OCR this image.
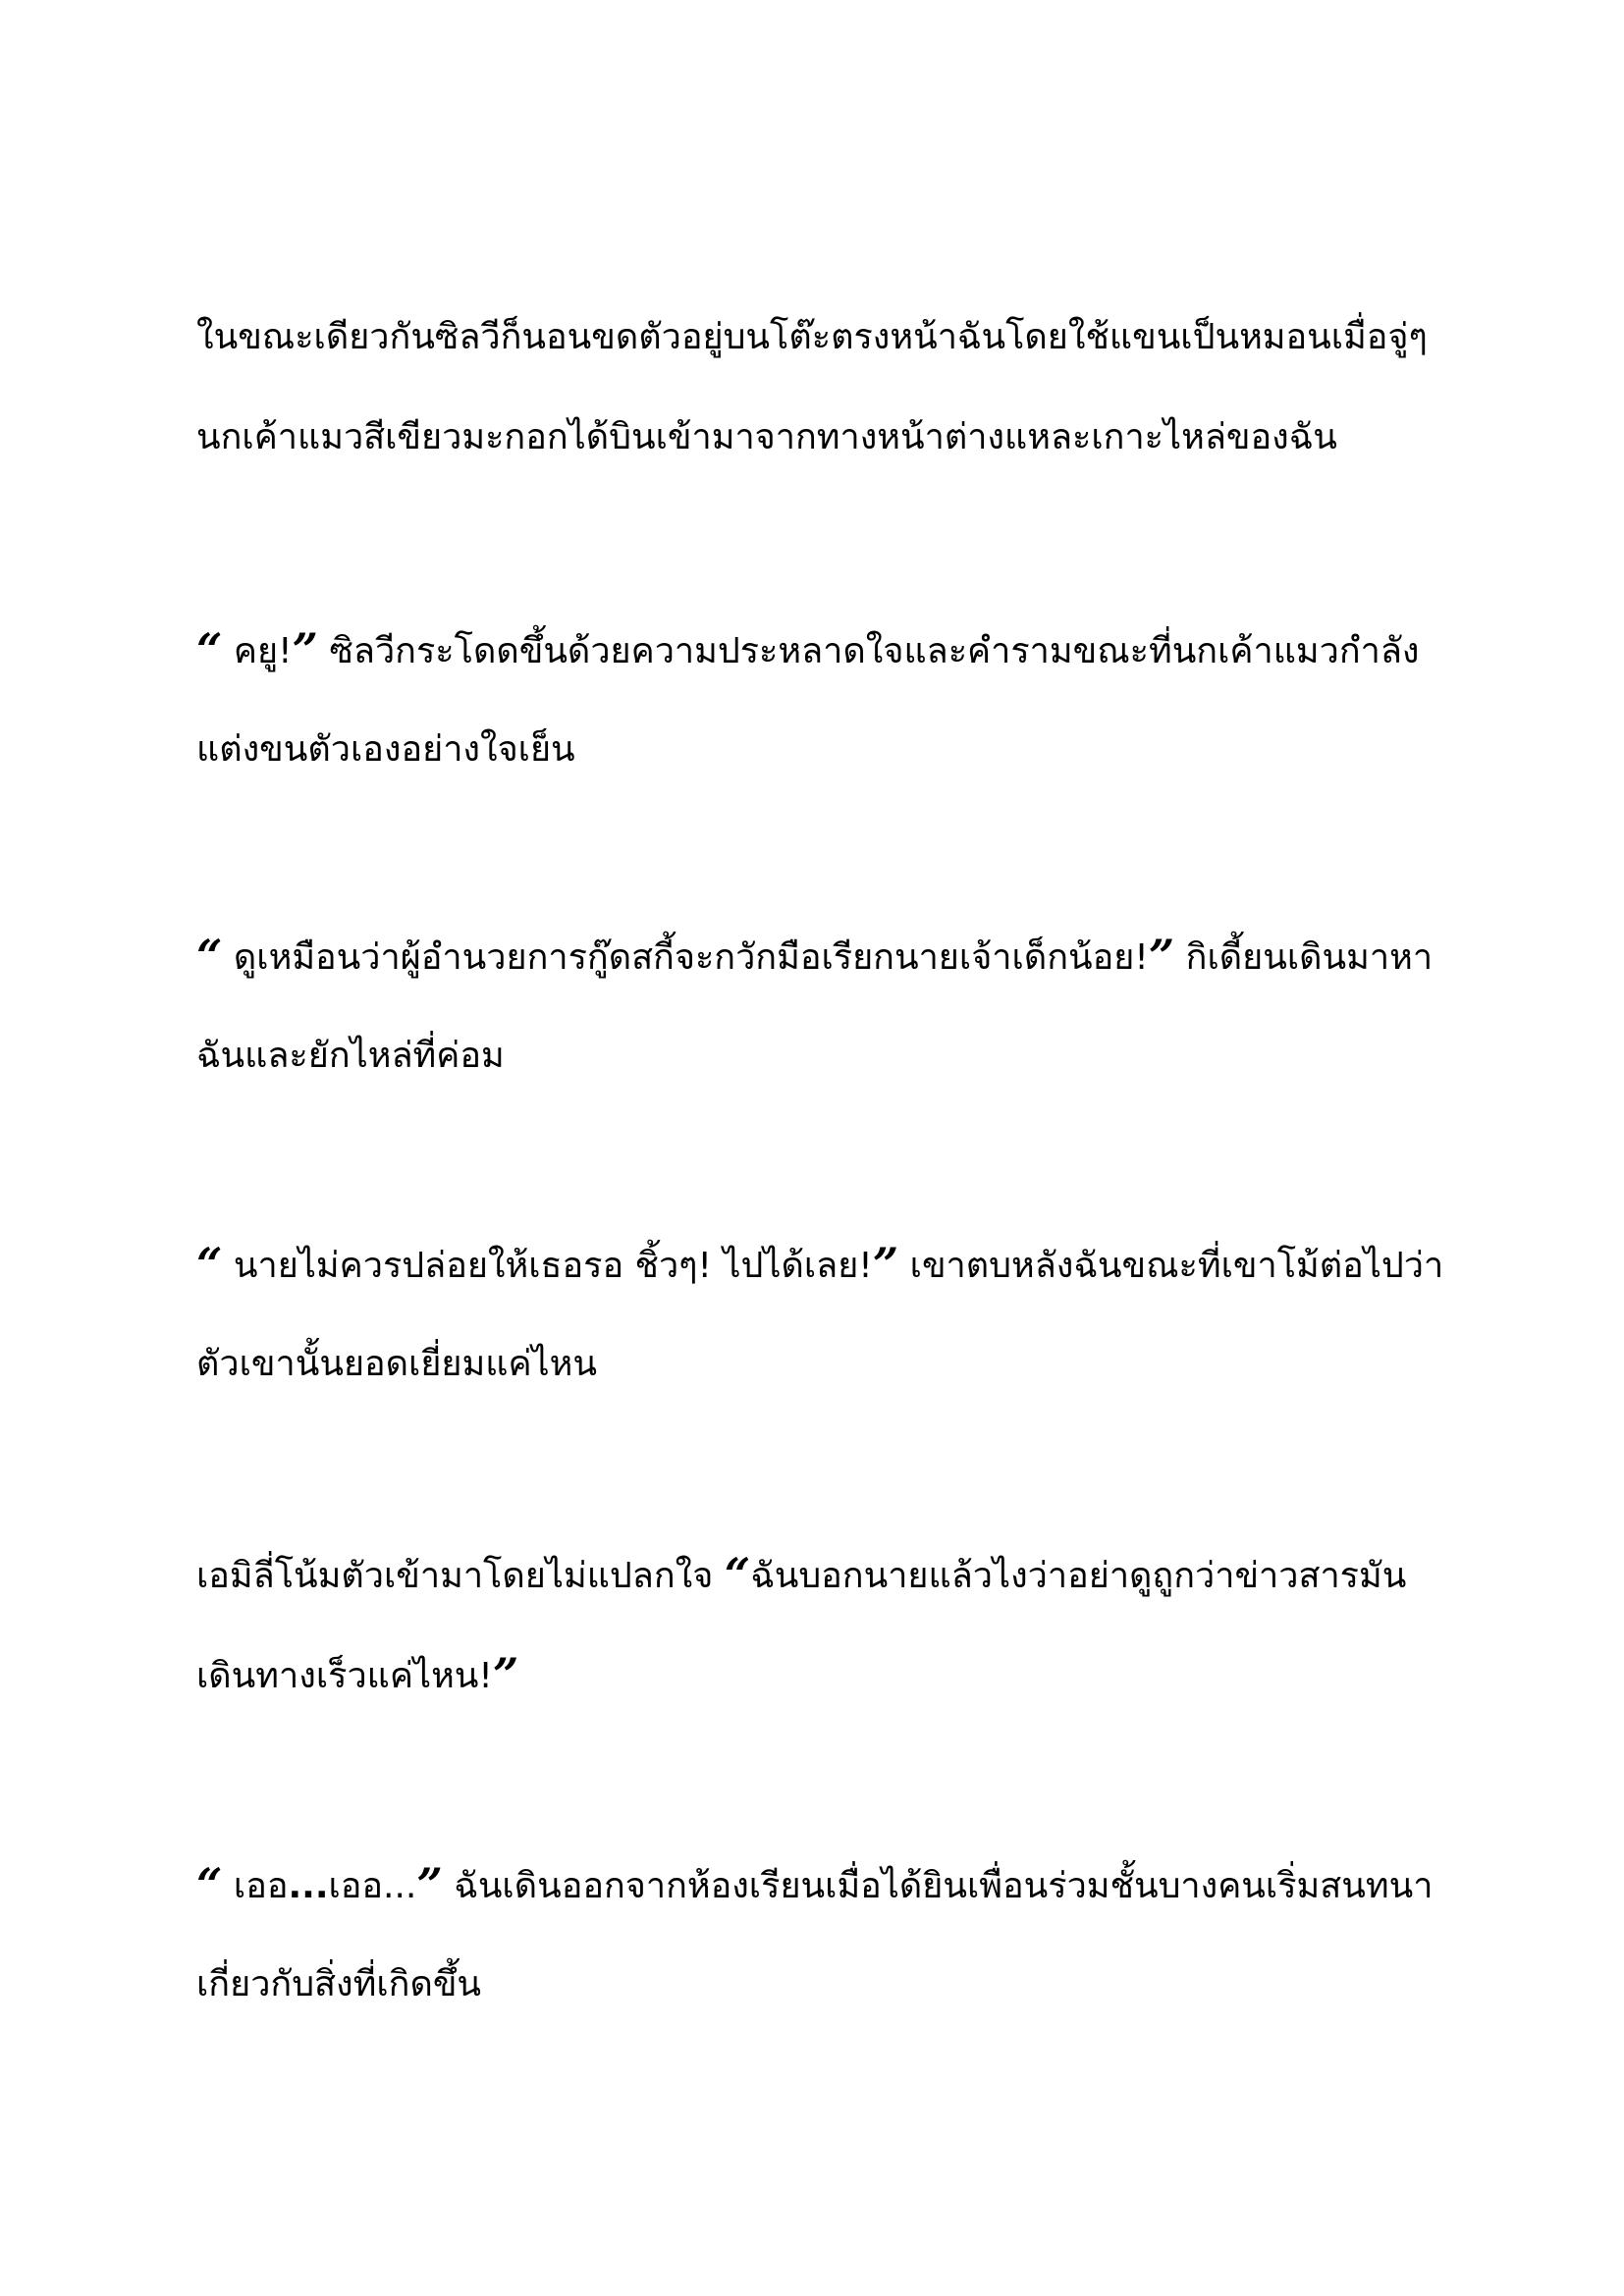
ในขณะเดียวกันซิลวีก็นอนขดตัวอยู่บนโต๊ะตรงหน้าฉันโดยใช้แขนเป็นหมอนเมื่อจู่ๆ
นกเค้าแมวสีเขียวมะกอกได้บินเข้ามาจากทางหน้าต่างแหละเกาะไหล่ของฉัน
“ คยู!” ซิลวีกระโดดขึ้นด้วยความประหลาดใจและคำรามขณะที่นกเค้าแมวกำลัง
แต่งขนตัวเองอย่างใจเย็น
“ ดูเหมือนว่าผู้อำนวยการกู๊ดสกี้จะกวักมือเรียกนายเจ้าเด็กน้อย!” กิเดี้ยนเดินมาหา
ฉันและยักไหล่ที่ค่อม
“ นายไม่ควรปล่อยให้เธอรอ ชิ้วๆ! ไปได้เลย!” เขาตบหลังฉันขณะที่เขาโม้ต่อไปว่า
ตัวเขานั้นยอดเยี่ยมแค่ไหน
เอมิลี่โน้มตัวเข้ามาโดยไม่แปลกใจ “ฉันบอกนายแล้วไงว่าอย่าดูถูกว่าข่าวสารมัน
เดินทางเร็วแค่ไหน!”
“ เออ...เออ...” ฉันเดินออกจากห้องเรียนเมื่อได้ยินเพื่อนร่วมชั้นบางคนเริ่มสนทนา
เกี่ยวกับสิ่งที่เกิดขึ้น
